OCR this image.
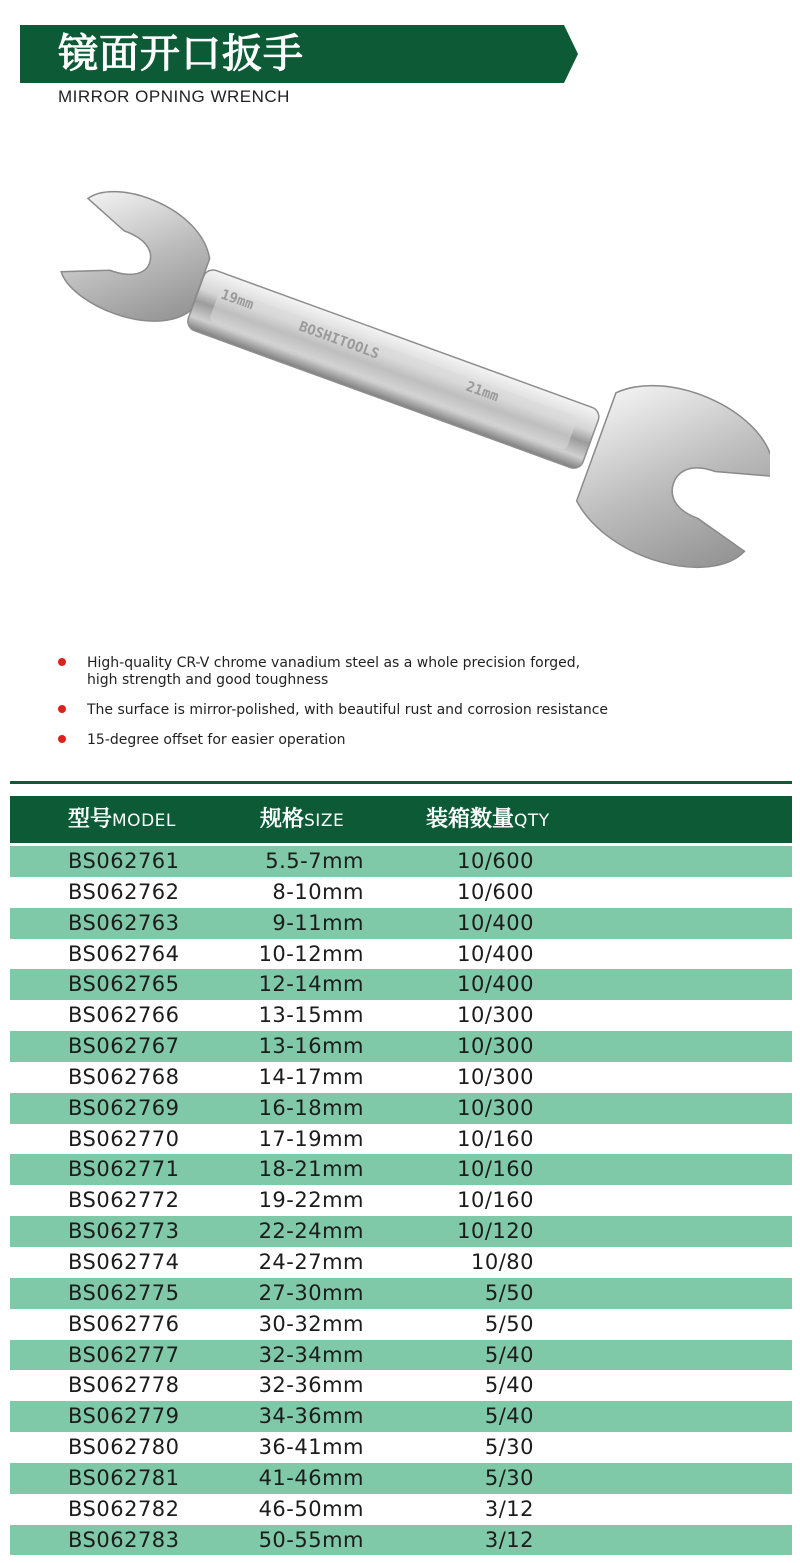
镜面开口扳手
MIRROR OPNING WRENCH
19mm
BOSHITOOLS
21mm
High-quality CR-V chrome vanadium steel as a whole precision forged, high strength and good toughness
The surface is mirror-polished, with beautiful rust and corrosion resistance
15-degree offset for easier operation
型号MODEL	规格SIZE	装箱数量QTY
BS062761	5.5-7mm	10/600
BS062762	8-10mm	10/600
BS062763	9-11mm	10/400
BS062764	10-12mm	10/400
BS062765	12-14mm	10/400
BS062766	13-15mm	10/300
BS062767	13-16mm	10/300
BS062768	14-17mm	10/300
BS062769	16-18mm	10/300
BS062770	17-19mm	10/160
BS062771	18-21mm	10/160
BS062772	19-22mm	10/160
BS062773	22-24mm	10/120
BS062774	24-27mm	10/80
BS062775	27-30mm	5/50
BS062776	30-32mm	5/50
BS062777	32-34mm	5/40
BS062778	32-36mm	5/40
BS062779	34-36mm	5/40
BS062780	36-41mm	5/30
BS062781	41-46mm	5/30
BS062782	46-50mm	3/12
BS062783	50-55mm	3/12
